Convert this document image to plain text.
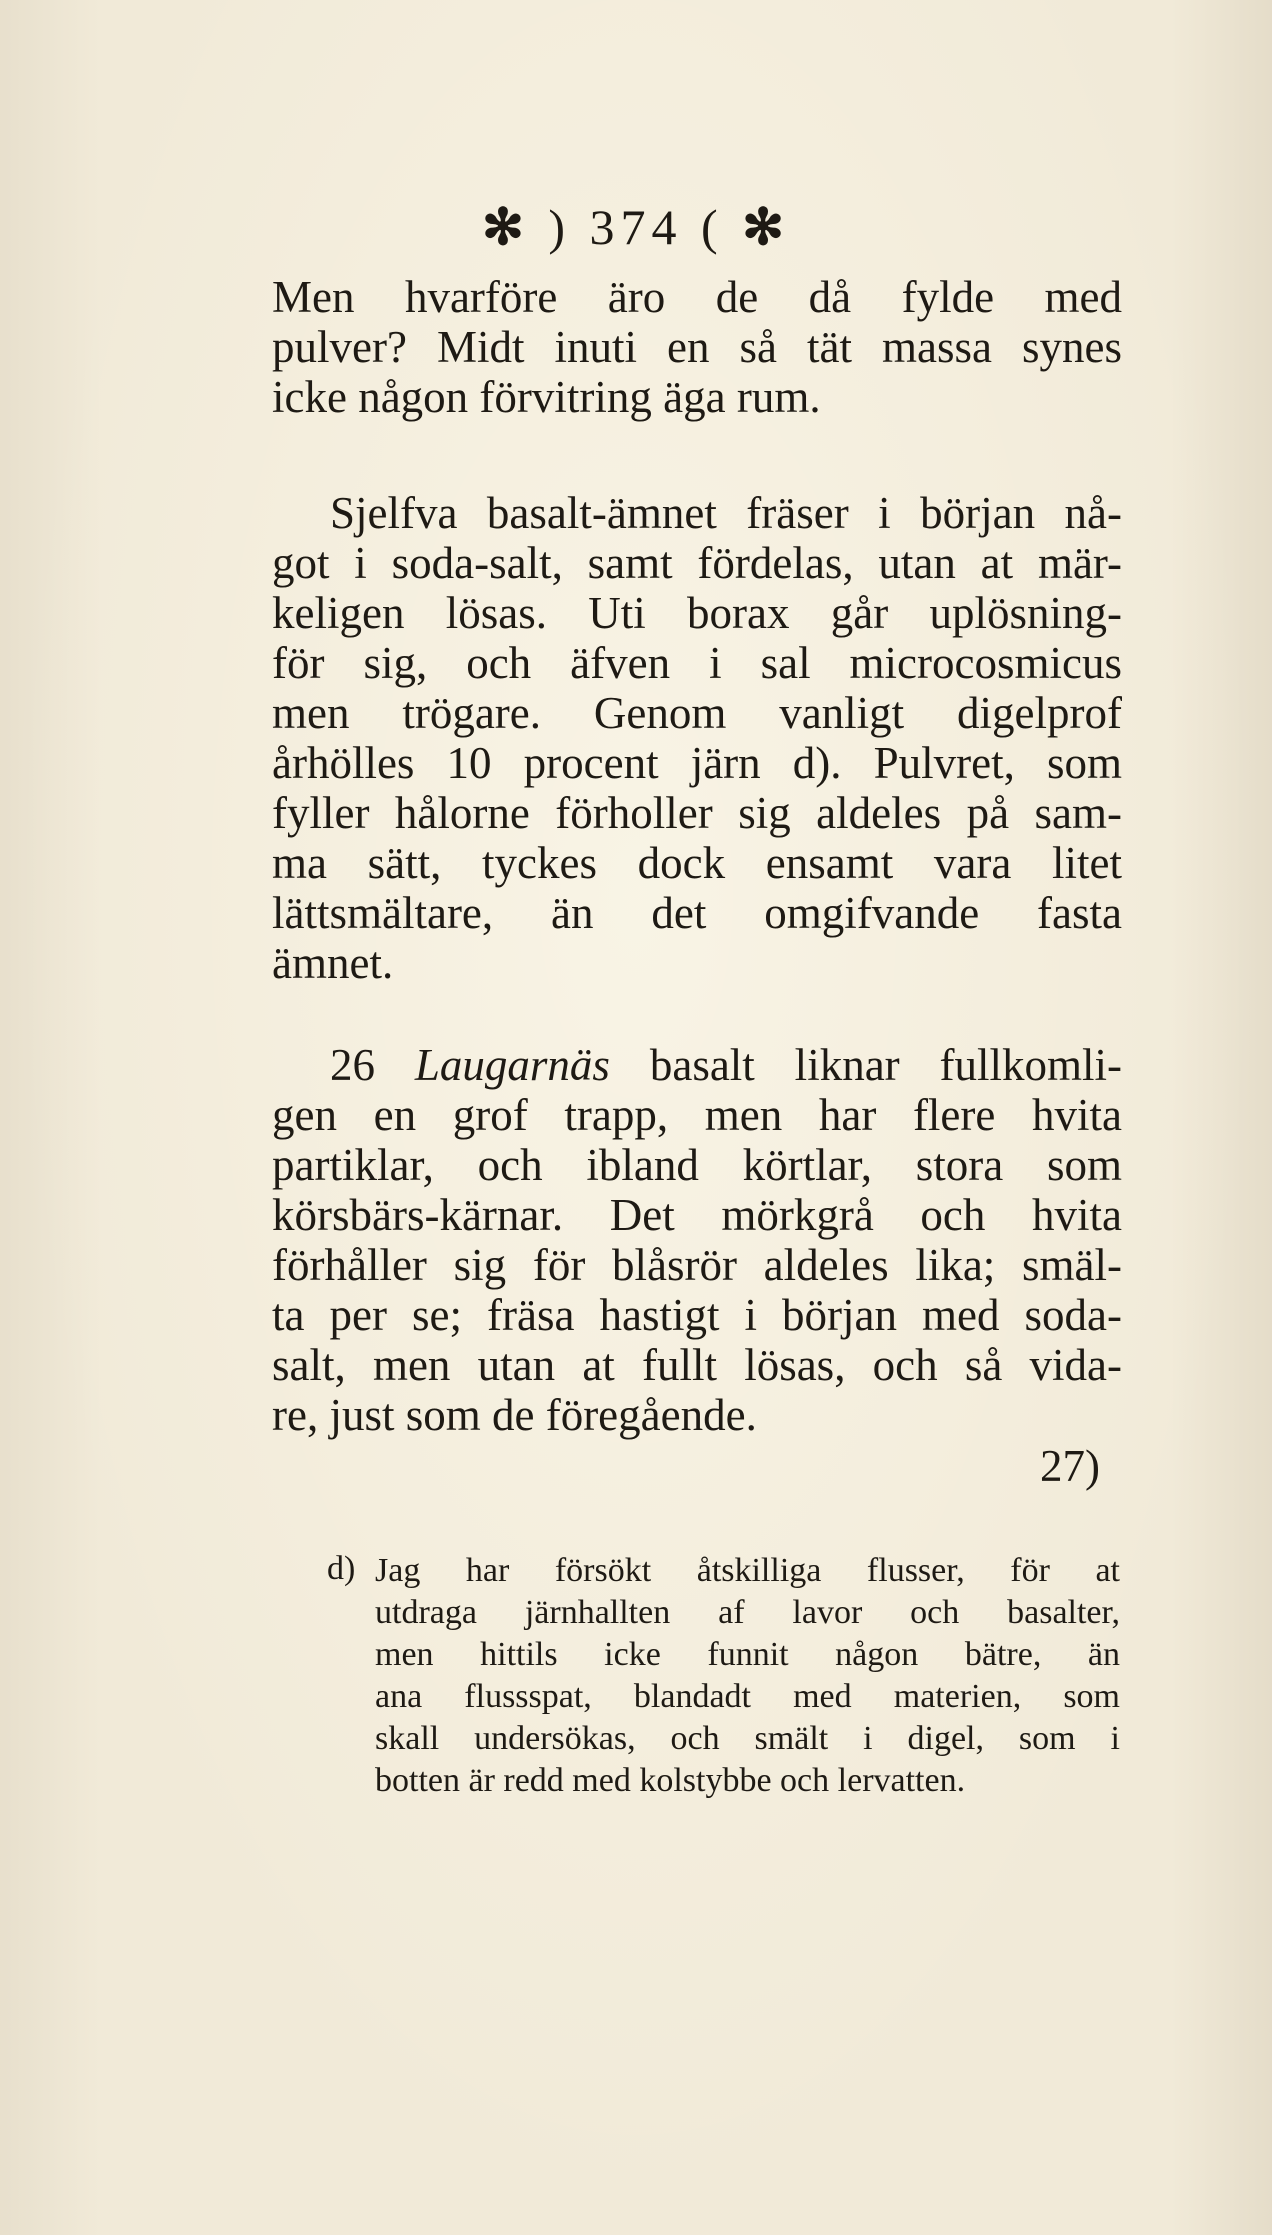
✻ ) 374 ( ✻
Men hvarföre äro de då fylde med
pulver? Midt inuti en så tät massa synes
icke någon förvitring äga rum.
Sjelfva basalt-ämnet fräser i början nå-
got i soda-salt, samt fördelas, utan at mär-
keligen lösas. Uti borax går uplösning-
för sig, och äfven i sal microcosmicus
men trögare. Genom vanligt digelprof
århölles 10 procent järn d). Pulvret, som
fyller hålorne förholler sig aldeles på sam-
ma sätt, tyckes dock ensamt vara litet
lättsmältare, än det omgifvande fasta
ämnet.
26 Laugarnäs basalt liknar fullkomli-
gen en grof trapp, men har flere hvita
partiklar, och ibland körtlar, stora som
körsbärs-kärnar. Det mörkgrå och hvita
förhåller sig för blåsrör aldeles lika; smäl-
ta per se; fräsa hastigt i början med soda-
salt, men utan at fullt lösas, och så vida-
re, just som de föregående.
27)
d) Jag har försökt åtskilliga flusser, för at
utdraga järnhallten af lavor och basalter,
men hittils icke funnit någon bätre, än
ana flussspat, blandadt med materien, som
skall undersökas, och smält i digel, som i
botten är redd med kolstybbe och lervatten.
